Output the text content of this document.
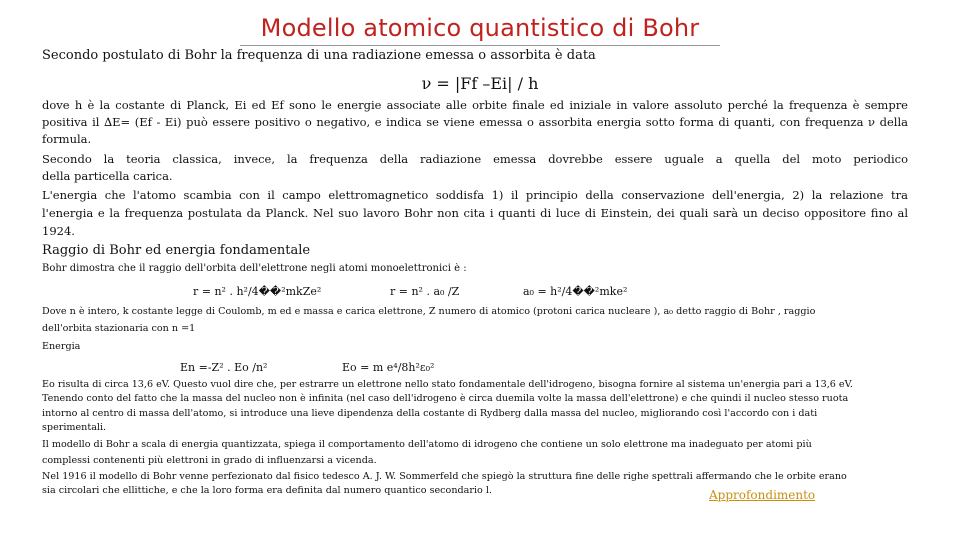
Modello atomico quantistico di Bohr
Secondo postulato di Bohr la frequenza di una radiazione emessa o assorbita è data
ν = |Ff –Ei| / h
dove h è la costante di Planck, Ei ed Ef sono le energie associate alle orbite finale ed iniziale in valore assoluto perché la frequenza è sempre
positiva il ∆E= (Ef - Ei) può essere positivo o negativo, e indica se viene emessa o assorbita energia sotto forma di quanti, con frequenza ν della
formula.
Secondo la teoria classica, invece, la frequenza della radiazione emessa dovrebbe essere uguale a quella del moto periodico
della particella carica.
L'energia che l'atomo scambia con il campo elettromagnetico soddisfa 1) il principio della conservazione dell'energia, 2) la relazione tra
l'energia e la frequenza postulata da Planck. Nel suo lavoro Bohr non cita i quanti di luce di Einstein, dei quali sarà un deciso oppositore fino al
1924.
Raggio di Bohr ed energia fondamentale
Bohr dimostra che il raggio dell'orbita dell'elettrone negli atomi monoelettronici è :
r = n² . h²/4��²mkZe²	r = n² . a₀ /Z	a₀ = h²/4��²mke²
Dove n è intero, k costante legge di Coulomb, m ed e massa e carica elettrone, Z numero di atomico (protoni carica nucleare ), a₀ detto raggio di Bohr , raggio
dell'orbita stazionaria con n =1
Energia
En =-Z² . Eo /n²	Eo = m e⁴/8h²ε₀²
Eo risulta di circa 13,6 eV. Questo vuol dire che, per estrarre un elettrone nello stato fondamentale dell'idrogeno, bisogna fornire al sistema un'energia pari a 13,6 eV.
Tenendo conto del fatto che la massa del nucleo non è infinita (nel caso dell'idrogeno è circa duemila volte la massa dell'elettrone) e che quindi il nucleo stesso ruota
intorno al centro di massa dell'atomo, si introduce una lieve dipendenza della costante di Rydberg dalla massa del nucleo, migliorando così l'accordo con i dati
sperimentali.
Il modello di Bohr a scala di energia quantizzata, spiega il comportamento dell'atomo di idrogeno che contiene un solo elettrone ma inadeguato per atomi più
complessi contenenti più elettroni in grado di influenzarsi a vicenda.
Nel 1916 il modello di Bohr venne perfezionato dal fisico tedesco A. J. W. Sommerfeld che spiegò la struttura fine delle righe spettrali affermando che le orbite erano
sia circolari che ellittiche, e che la loro forma era definita dal numero quantico secondario l.	Approfondimento
